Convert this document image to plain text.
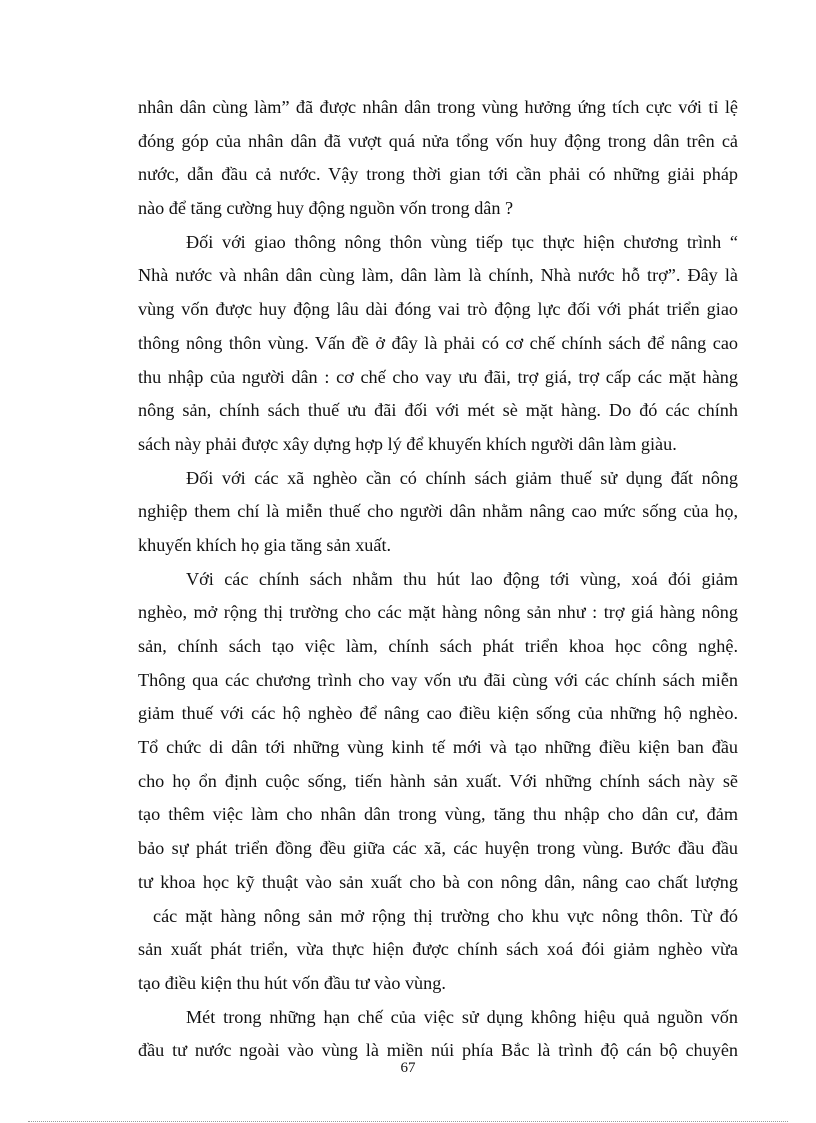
nhân dân cùng làm” đã được nhân dân trong vùng hưởng ứng tích cực với tỉ lệ
đóng góp của nhân dân đã vượt quá nửa tổng vốn huy động trong dân trên cả
nước, dẫn đầu cả nước. Vậy trong thời gian tới cần phải có những giải pháp
nào để tăng cường huy động nguồn vốn trong dân ?
Đối với giao thông nông thôn vùng tiếp tục thực hiện chương trình “
Nhà nước và nhân dân cùng làm, dân làm là chính, Nhà nước hỗ trợ”. Đây là
vùng vốn được huy động lâu dài đóng vai trò động lực đối với phát triển giao
thông nông thôn vùng. Vấn đề ở đây là phải có cơ chế chính sách để nâng cao
thu nhập của người dân : cơ chế cho vay ưu đãi, trợ giá, trợ cấp các mặt hàng
nông sản, chính sách thuế ưu đãi đối với mét sè mặt hàng. Do đó các chính
sách này phải được xây dựng hợp lý để khuyến khích người dân làm giàu.
Đối với các xã nghèo cần có chính sách giảm thuế sử dụng đất nông
nghiệp them chí là miễn thuế cho người dân nhằm nâng cao mức sống của họ,
khuyến khích họ gia tăng sản xuất.
Với các chính sách nhằm thu hút lao động tới vùng, xoá đói giảm
nghèo, mở rộng thị trường cho các mặt hàng nông sản như : trợ giá hàng nông
sản, chính sách tạo việc làm, chính sách phát triển khoa học công nghệ.
Thông qua các chương trình cho vay vốn ưu đãi cùng với các chính sách miễn
giảm thuế với các hộ nghèo để nâng cao điều kiện sống của những hộ nghèo.
Tổ chức di dân tới những vùng kinh tế mới và tạo những điều kiện ban đầu
cho họ ổn định cuộc sống, tiến hành sản xuất. Với những chính sách này sẽ
tạo thêm việc làm cho nhân dân trong vùng, tăng thu nhập cho dân cư, đảm
bảo sự phát triển đồng đều giữa các xã, các huyện trong vùng. Bước đầu đầu
tư khoa học kỹ thuật vào sản xuất cho bà con nông dân, nâng cao chất lượng
các mặt hàng nông sản mở rộng thị trường cho khu vực nông thôn. Từ đó
sản xuất phát triển, vừa thực hiện được chính sách xoá đói giảm nghèo vừa
tạo điều kiện thu hút vốn đầu tư vào vùng.
Mét trong những hạn chế của việc sử dụng không hiệu quả nguồn vốn
đầu tư nước ngoài vào vùng là miền núi phía Bắc là trình độ cán bộ chuyên
67
